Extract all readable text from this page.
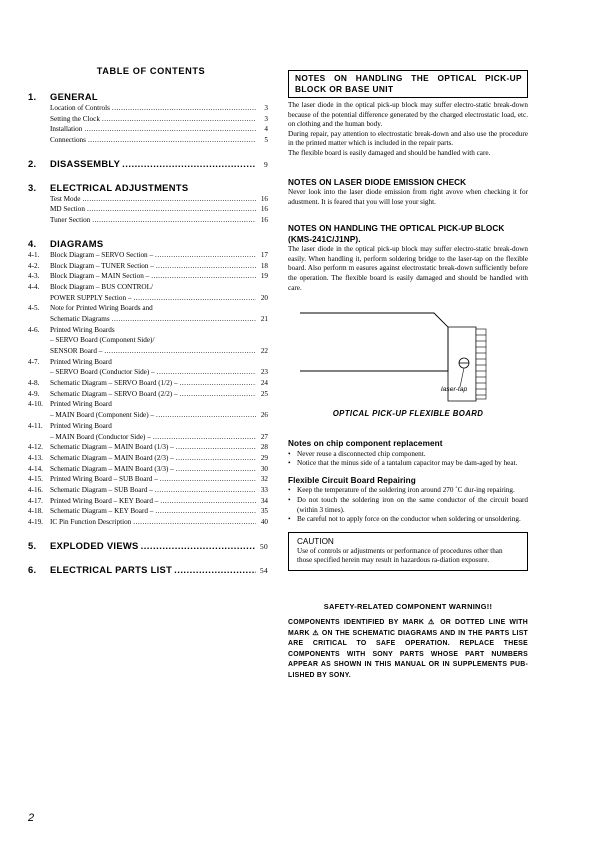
TABLE OF CONTENTS
1.	GENERAL
Location of Controls .....	3
Setting the Clock .....	3
Installation .....	4
Connections .....	5
2.	DISASSEMBLY .....	9
3.	ELECTRICAL ADJUSTMENTS
Test Mode .....	16
MD Section .....	16
Tuner Section .....	16
4.	DIAGRAMS
4-1.	Block Diagram – SERVO Section – .....	17
4-2.	Block Diagram – TUNER Section – .....	18
4-3.	Block Diagram – MAIN Section – .....	19
4-4.	Block Diagram – BUS CONTROL/
POWER SUPPLY Section – .....	20
4-5.	Note for Printed Wiring Boards and
Schematic Diagrams .....	21
4-6.	Printed Wiring Boards
– SERVO Board (Component Side)/
SENSOR Board – .....	22
4-7.	Printed Wiring Board
– SERVO Board (Conductor Side) – .....	23
4-8.	Schematic Diagram – SERVO Board (1/2) – .....	24
4-9.	Schematic Diagram – SERVO Board (2/2) – .....	25
4-10. Printed Wiring Board
– MAIN Board (Component Side) – .....	26
4-11.	Printed Wiring Board
– MAIN Board (Conductor Side) – .....	27
4-12. Schematic Diagram – MAIN Board (1/3) – .....	28
4-13. Schematic Diagram – MAIN Board (2/3) – .....	29
4-14. Schematic Diagram – MAIN Board (3/3) – .....	30
4-15. Printed Wiring Board – SUB Board – .....	32
4-16. Schematic Diagram – SUB Board – .....	33
4-17. Printed Wiring Board – KEY Board – .....	34
4-18. Schematic Diagram – KEY Board – .....	35
4-19. IC Pin Function Description .....	40
5.	EXPLODED VIEWS .....	50
6.	ELECTRICAL PARTS LIST .....	54
NOTES ON HANDLING THE OPTICAL PICK-UP BLOCK OR BASE UNIT

The laser diode in the optical pick-up block may suffer electro-static break-down because of the potential difference generated by the charged electrostatic load, etc. on clothing and the human body.

During repair, pay attention to electrostatic break-down and also use the procedure in the printed matter which is included in the repair parts.

The flexible board is easily damaged and should be handled with care.

NOTES ON LASER DIODE EMISSION CHECK

Never look into the laser diode emission from right avove when checking it for adustment. It is feared that you will lose your sight.

NOTES ON HANDLING THE OPTICAL PICK-UP BLOCK (KMS-241C/J1NP).

The laser diode in the optical pick-up block may suffer electro-static break-down easily. When handling it, perform soldering bridge to the laser-tap on the flexible board. Also perform m easures against electrostatic break-down sufficiently before the operation. The flexible board is easily damaged and should be handled with care.

laser-tap
OPTICAL PICK-UP FLEXIBLE BOARD
Notes on chip component replacement
• Never reuse a disconnected chip component.
• Notice that the minus side of a tantalum capacitor may be dam-aged by heat.
Flexible Circuit Board Repairing
• Keep the temperature of the soldering iron around 270 ˚C dur-ing repairing.
• Do not touch the soldering iron on the same conductor of the circuit board (within 3 times).
• Be careful not to apply force on the conductor when soldering or unsoldering.
CAUTION

Use of controls or adjustments or performance of procedures other than those specified herein may result in hazardous ra-diation exposure.

SAFETY-RELATED COMPONENT WARNING!!

COMPONENTS IDENTIFIED BY MARK ⚠ OR DOTTED LINE WITH MARK ⚠ ON THE SCHEMATIC DIAGRAMS AND IN THE PARTS LIST ARE CRITICAL TO SAFE OPERATION. REPLACE THESE COMPONENTS WITH SONY PARTS WHOSE PART NUMBERS APPEAR AS SHOWN IN THIS MANUAL OR IN SUPPLEMENTS PUB-LISHED BY SONY.

2
